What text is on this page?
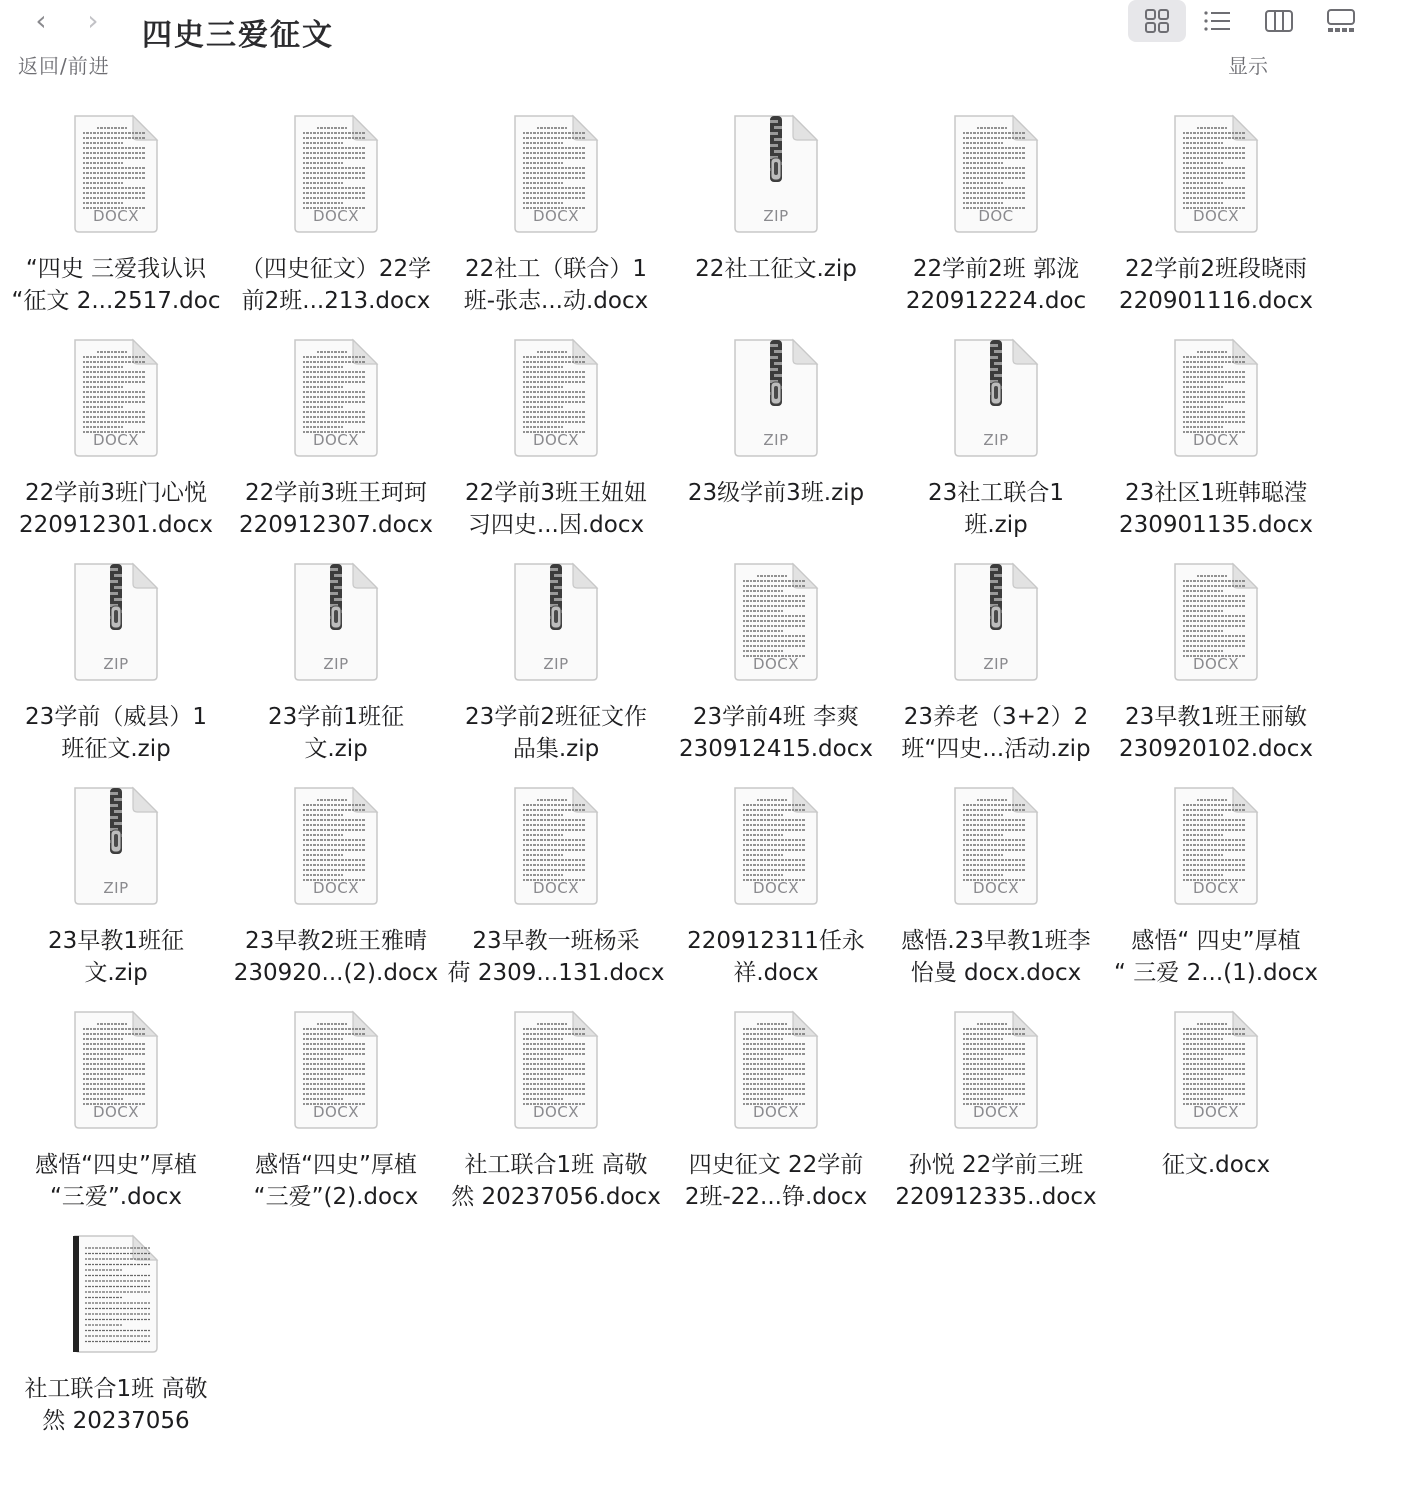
‹	›
返回/前进
四史三爱征文
显示
DOCX
“四史 三爱我认识
“征文 2...2517.doc
DOCX
（四史征文）22学
前2班...213.docx
DOCX
22社工（联合）1
班-张志...动.docx
ZIP
22社工征文.zip
DOC
22学前2班 郭泷
220912224.doc
DOCX
22学前2班段晓雨
220901116.docx
DOCX
22学前3班门心悦
220912301.docx
DOCX
22学前3班王珂珂
220912307.docx
DOCX
22学前3班王妞妞
习四史...因.docx
ZIP
23级学前3班.zip
ZIP
23社工联合1
班.zip
DOCX
23社区1班韩聪滢
230901135.docx
ZIP
23学前（威县）1
班征文.zip
ZIP
23学前1班征
文.zip
ZIP
23学前2班征文作
品集.zip
DOCX
23学前4班 李爽
230912415.docx
ZIP
23养老（3+2）2
班“四史...活动.zip
DOCX
23早教1班王丽敏
230920102.docx
ZIP
23早教1班征
文.zip
DOCX
23早教2班王雅晴
230920...(2).docx
DOCX
23早教一班杨采
荷 2309...131.docx
DOCX
220912311任永
祥.docx
DOCX
感悟.23早教1班李
怡曼 docx.docx
DOCX
感悟“ 四史”厚植
“ 三爱 2...(1).docx
DOCX
感悟“四史”厚植
“三爱”.docx
DOCX
感悟“四史”厚植
“三爱”(2).docx
DOCX
社工联合1班 高敬
然 20237056.docx
DOCX
四史征文 22学前
2班-22...铮.docx
DOCX
孙悦 22学前三班
220912335..docx
DOCX
征文.docx
社工联合1班 高敬
然 20237056
